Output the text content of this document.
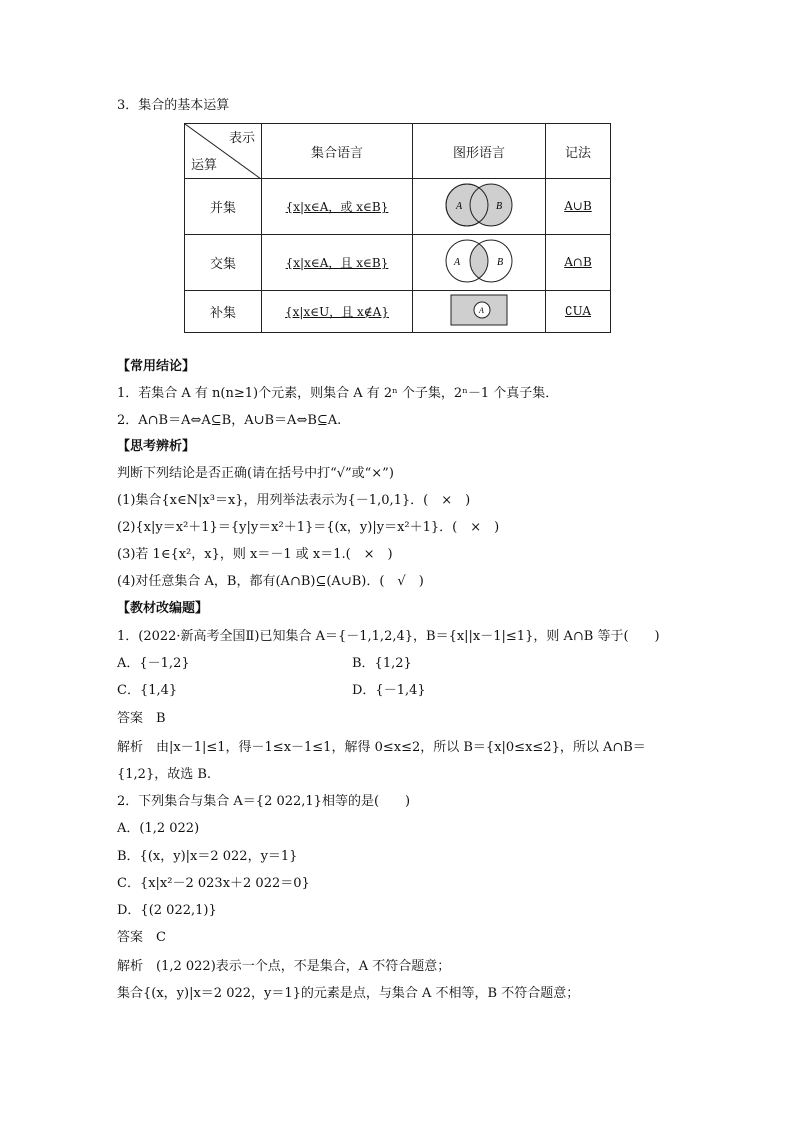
3．集合的基本运算
表示
运算	集合语言	图形语言	记法
并集	{x|x∈A，或 x∈B}	A B	A∪B
交集	{x|x∈A，且 x∈B}	A B	A∩B
补集	{x|x∈U，且 x∉A}	A	∁UA
【常用结论】
1．若集合 A 有 n(n≥1)个元素，则集合 A 有 2ⁿ 个子集，2ⁿ－1 个真子集．
2．A∩B＝A⇔A⊆B，A∪B＝A⇔B⊆A.
【思考辨析】
判断下列结论是否正确(请在括号中打“√”或“×”)
(1)集合{x∈N|x³＝x}，用列举法表示为{－1,0,1}．(　×　)
(2){x|y＝x²＋1}＝{y|y＝x²＋1}＝{(x，y)|y＝x²＋1}．(　×　)
(3)若 1∈{x²，x}，则 x＝－1 或 x＝1.(　×　)
(4)对任意集合 A，B，都有(A∩B)⊆(A∪B)．(　√　)
【教材改编题】
1．(2022·新高考全国Ⅱ)已知集合 A＝{－1,1,2,4}，B＝{x||x－1|≤1}，则 A∩B 等于(　　)
A．{－1,2}	B．{1,2}
C．{1,4}	D．{－1,4}
答案　B
解析　由|x－1|≤1，得－1≤x－1≤1，解得 0≤x≤2，所以 B＝{x|0≤x≤2}，所以 A∩B＝
{1,2}，故选 B.
2．下列集合与集合 A＝{2 022,1}相等的是(　　)
A．(1,2 022)
B．{(x，y)|x＝2 022，y＝1}
C．{x|x²－2 023x＋2 022＝0}
D．{(2 022,1)}
答案　C
解析　(1,2 022)表示一个点，不是集合，A 不符合题意；
集合{(x，y)|x＝2 022，y＝1}的元素是点，与集合 A 不相等，B 不符合题意；
